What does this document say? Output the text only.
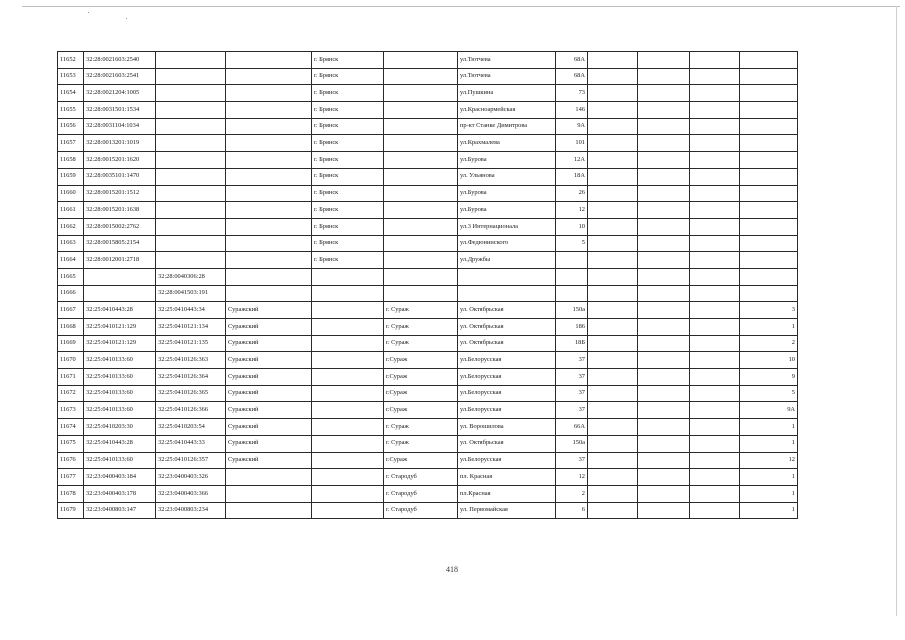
11652	32:28:0021603:2540			г. Брянск		ул.Тютчева	68А				
11653	32:28:0021603:2541			г. Брянск		ул.Тютчева	68А				
11654	32:28:0021204:1005			г. Брянск		ул.Пушкина	73				
11655	32:28:0031501:1534			г. Брянск		ул.Красноармейская	146				
11656	32:28:0031104:1034			г. Брянск		пр-кт Станке Димитрова	9А				
11657	32:28:0013201:1019			г. Брянск		ул.Крахмалева	101				
11658	32:28:0015201:1620			г. Брянск		ул.Бурова	12А				
11659	32:28:0035101:1470			г. Брянск		ул. Ульянова	18А				
11660	32:28:0015201:1512			г. Брянск		ул.Бурова	26				
11661	32:28:0015201:1638			г. Брянск		ул.Бурова	12				
11662	32:28:0015002:2762			г. Брянск		ул.3 Интернационала	10				
11663	32:28:0015805:2154			г. Брянск		ул.Федюнинского	5				
11664	32:28:0012001:2718			г. Брянск		ул.Дружбы					
11665		32:28:0040306:28									
11666		32:28:0041503:191									
11667	32:25:0410443:28	32:25:0410443:34	Суражский		г. Сураж	ул. Октябрьская	150а				3
11668	32:25:0410121:129	32:25:0410121:134	Суражский		г. Сураж	ул. Октябрьская	186				1
11669	32:25:0410121:129	32:25:0410121:135	Суражский		г. Сураж	ул. Октябрьская	18Б				2
11670	32:25:0410133:60	32:25:0410126:363	Суражский		г.Сураж	ул.Белорусская	37				10
11671	32:25:0410133:60	32:25:0410126:364	Суражский		г.Сураж	ул.Белорусская	37				9
11672	32:25:0410133:60	32:25:0410126:365	Суражский		г.Сураж	ул.Белорусская	37				5
11673	32:25:0410133:60	32:25:0410126:366	Суражский		г.Сураж	ул.Белорусская	37				9А
11674	32:25:0410203:30	32:25:0410203:54	Суражский		г. Сураж	ул. Ворошилова	66А				1
11675	32:25:0410443:28	32:25:0410443:33	Суражский		г. Сураж	ул. Октябрьская	150а				1
11676	32:25:0410133:60	32:25:0410126:357	Суражский		г.Сураж	ул.Белорусская	37				12
11677	32:23:0400403:184	32:23:0400403:326			г. Стародуб	пл. Красная	12				1
11678	32:23:0400403:178	32:23:0400403:366			г. Стародуб	пл.Красная	2				1
11679	32:23:0400803:147	32:23:0400803:234			г. Стародуб	ул. Первомайская	6				1
418
